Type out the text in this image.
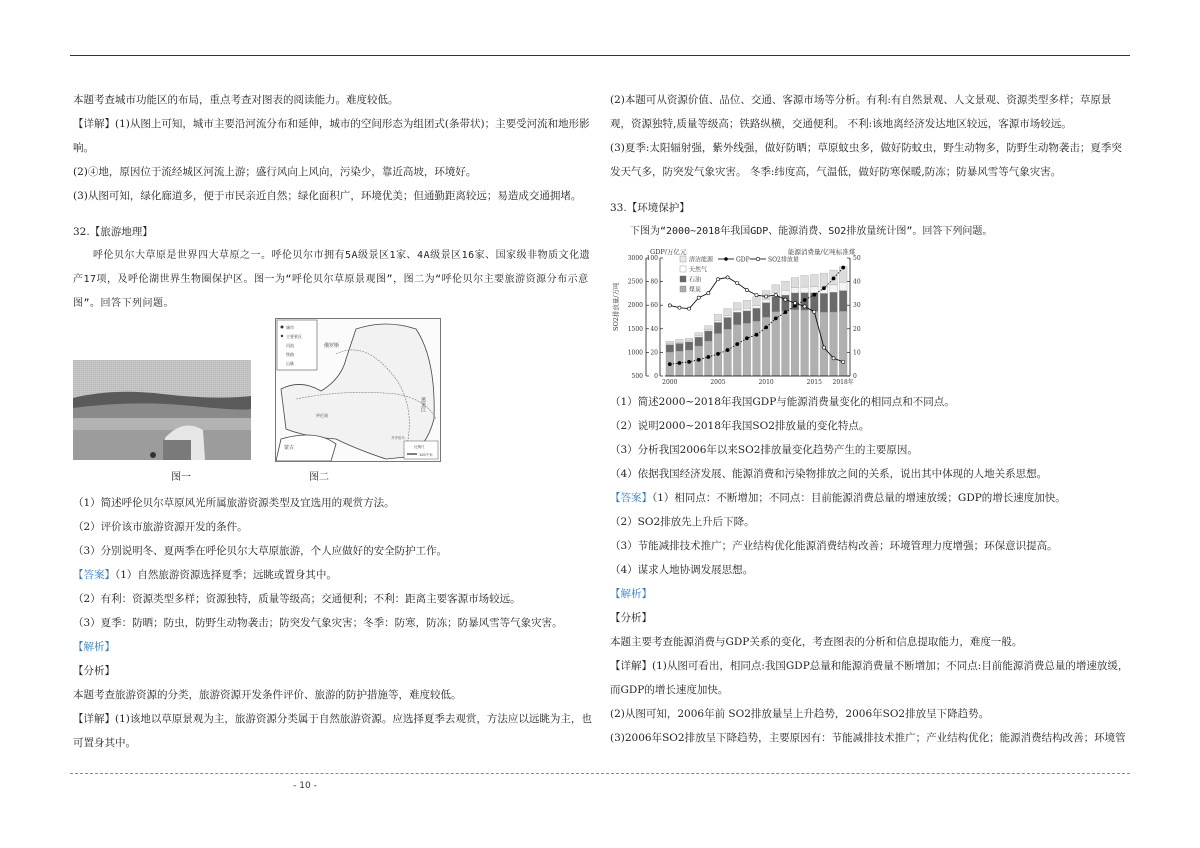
本题考查城市功能区的布局，重点考查对图表的阅读能力。难度较低。

【详解】(1)从图上可知，城市主要沿河流分布和延伸，城市的空间形态为组团式(条带状)；主要受河流和地形影响。

(2)④地，原因位于流经城区河流上游；盛行风向上风向，污染少，靠近高坡，环境好。

(3)从图可知，绿化廊道多，便于市民亲近自然；绿化面积广，环境优美；但通勤距离较远；易造成交通拥堵。

32.【旅游地理】

呼伦贝尔大草原是世界四大草原之一。呼伦贝尔市拥有5A级景区1家、4A级景区16家、国家级非物质文化遗产17项，及呼伦湖世界生物圈保护区。图一为“呼伦贝尔草原景观图”，图二为“呼伦贝尔主要旅游资源分布示意图”。回答下列问题。

城市
主要景区
河流
铁路
山脉
俄罗斯
黑龙江
蒙古
呼伦湖
齐齐哈尔
比例尺
100千米
图一	图二

（1）简述呼伦贝尔草原风光所属旅游资源类型及宜选用的观赏方法。

（2）评价该市旅游资源开发的条件。

（3）分别说明冬、夏两季在呼伦贝尔大草原旅游，个人应做好的安全防护工作。

【答案】（1）自然旅游资源选择夏季；远眺或置身其中。

（2）有利：资源类型多样；资源独特，质量等级高；交通便利；不利：距离主要客源市场较远。

（3）夏季：防晒；防虫，防野生动物袭击；防突发气象灾害；冬季：防寒，防冻；防暴风雪等气象灾害。

【解析】

【分析】

本题考查旅游资源的分类，旅游资源开发条件评价、旅游的防护措施等，难度较低。

【详解】(1)该地以草原景观为主，旅游资源分类属于自然旅游资源。应选择夏季去观赏，方法应以远眺为主，也可置身其中。

(2)本题可从资源价值、品位、交通、客源市场等分析。有利:有自然景观、人文景观、资源类型多样；草原景观，资源独特,质量等级高；铁路纵横，交通便利。 不利:该地离经济发达地区较远，客源市场较远。

(3)夏季:太阳辐射强，紫外线强，做好防晒；草原蚊虫多，做好防蚊虫，野生动物多，防野生动物袭击；夏季突发天气多，防突发气象灾害。 冬季:纬度高，气温低，做好防寒保暖,防冻；防暴风雪等气象灾害。

33.【环境保护】

下图为“2000~2018年我国GDP、能源消费、SO2排放量统计图”。回答下列问题。

500
1000
1500
2000
2500
3000
0
20
40
60
80
100
0
10
20
30
40
50
2000	2005	2010	2015 2018年
清洁能源
天然气
石油
煤炭
GDP	SO2排放量
GDP/万亿元	能源消费量/亿吨标准煤
SO2排放量/万吨

（1）简述2000~2018年我国GDP与能源消费量变化的相同点和不同点。

（2）说明2000~2018年我国SO2排放量的变化特点。

（3）分析我国2006年以来SO2排放量变化趋势产生的主要原因。

（4）依据我国经济发展、能源消费和污染物排放之间的关系，说出其中体现的人地关系思想。

【答案】（1）相同点：不断增加；不同点：目前能源消费总量的增速放缓；GDP的增长速度加快。

（2）SO2排放先上升后下降。

（3）节能减排技术推广；产业结构优化能源消费结构改善；环境管理力度增强；环保意识提高。

（4）谋求人地协调发展思想。

【解析】

【分析】

本题主要考查能源消费与GDP关系的变化，考查图表的分析和信息提取能力，难度一般。

【详解】(1)从图可看出，相同点:我国GDP总量和能源消费量不断增加；不同点:目前能源消费总量的增速放缓，而GDP的增长速度加快。

(2)从图可知，2006年前 SO2排放量呈上升趋势，2006年SO2排放呈下降趋势。

(3)2006年SO2排放呈下降趋势，主要原因有：节能减排技术推广；产业结构优化；能源消费结构改善；环境管

- 10 -
